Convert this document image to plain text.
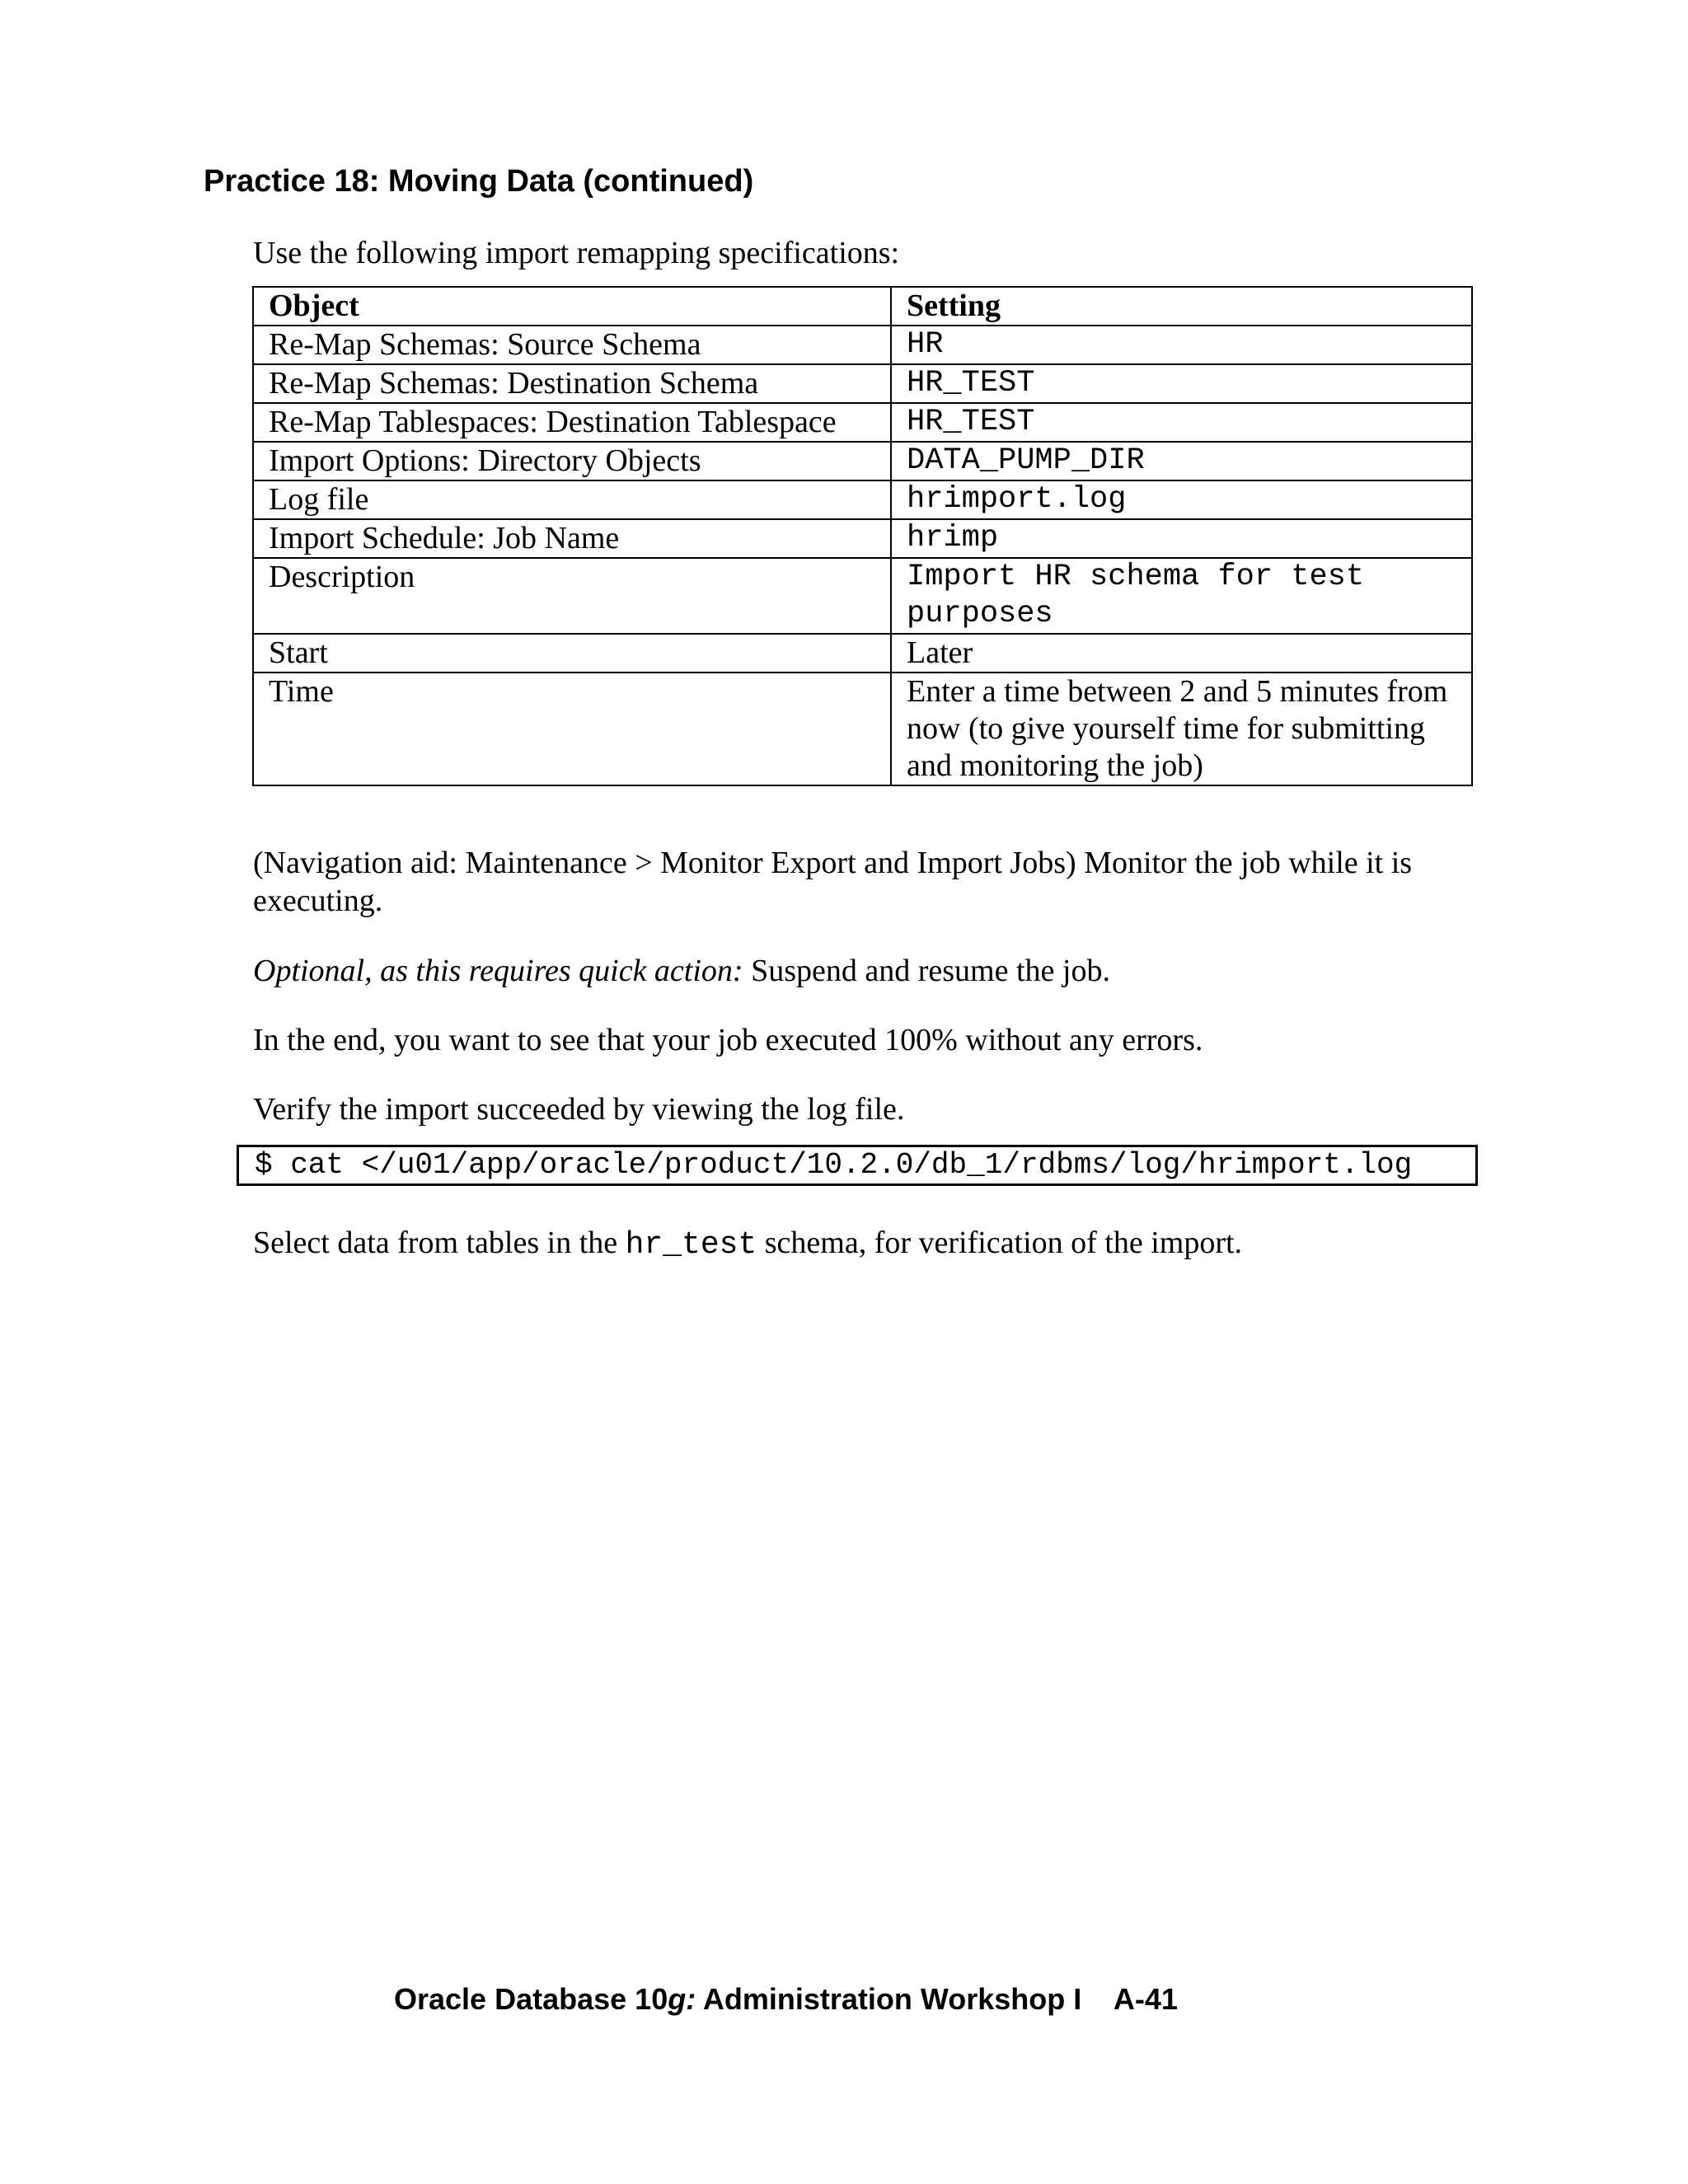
Practice 18: Moving Data (continued)

Use the following import remapping specifications:

Object	Setting
Re-Map Schemas: Source Schema	HR
Re-Map Schemas: Destination Schema	HR_TEST
Re-Map Tablespaces: Destination Tablespace	HR_TEST
Import Options: Directory Objects	DATA_PUMP_DIR
Log file	hrimport.log
Import Schedule: Job Name	hrimp
Description	Import HR schema for test purposes
Start	Later
Time	Enter a time between 2 and 5 minutes from now (to give yourself time for submitting and monitoring the job)

(Navigation aid: Maintenance > Monitor Export and Import Jobs) Monitor the job while it is executing.

Optional, as this requires quick action: Suspend and resume the job.

In the end, you want to see that your job executed 100% without any errors.

Verify the import succeeded by viewing the log file.

$ cat </u01/app/oracle/product/10.2.0/db_1/rdbms/log/hrimport.log

Select data from tables in the hr_test schema, for verification of the import.

Oracle Database 10g: Administration Workshop I A-41
